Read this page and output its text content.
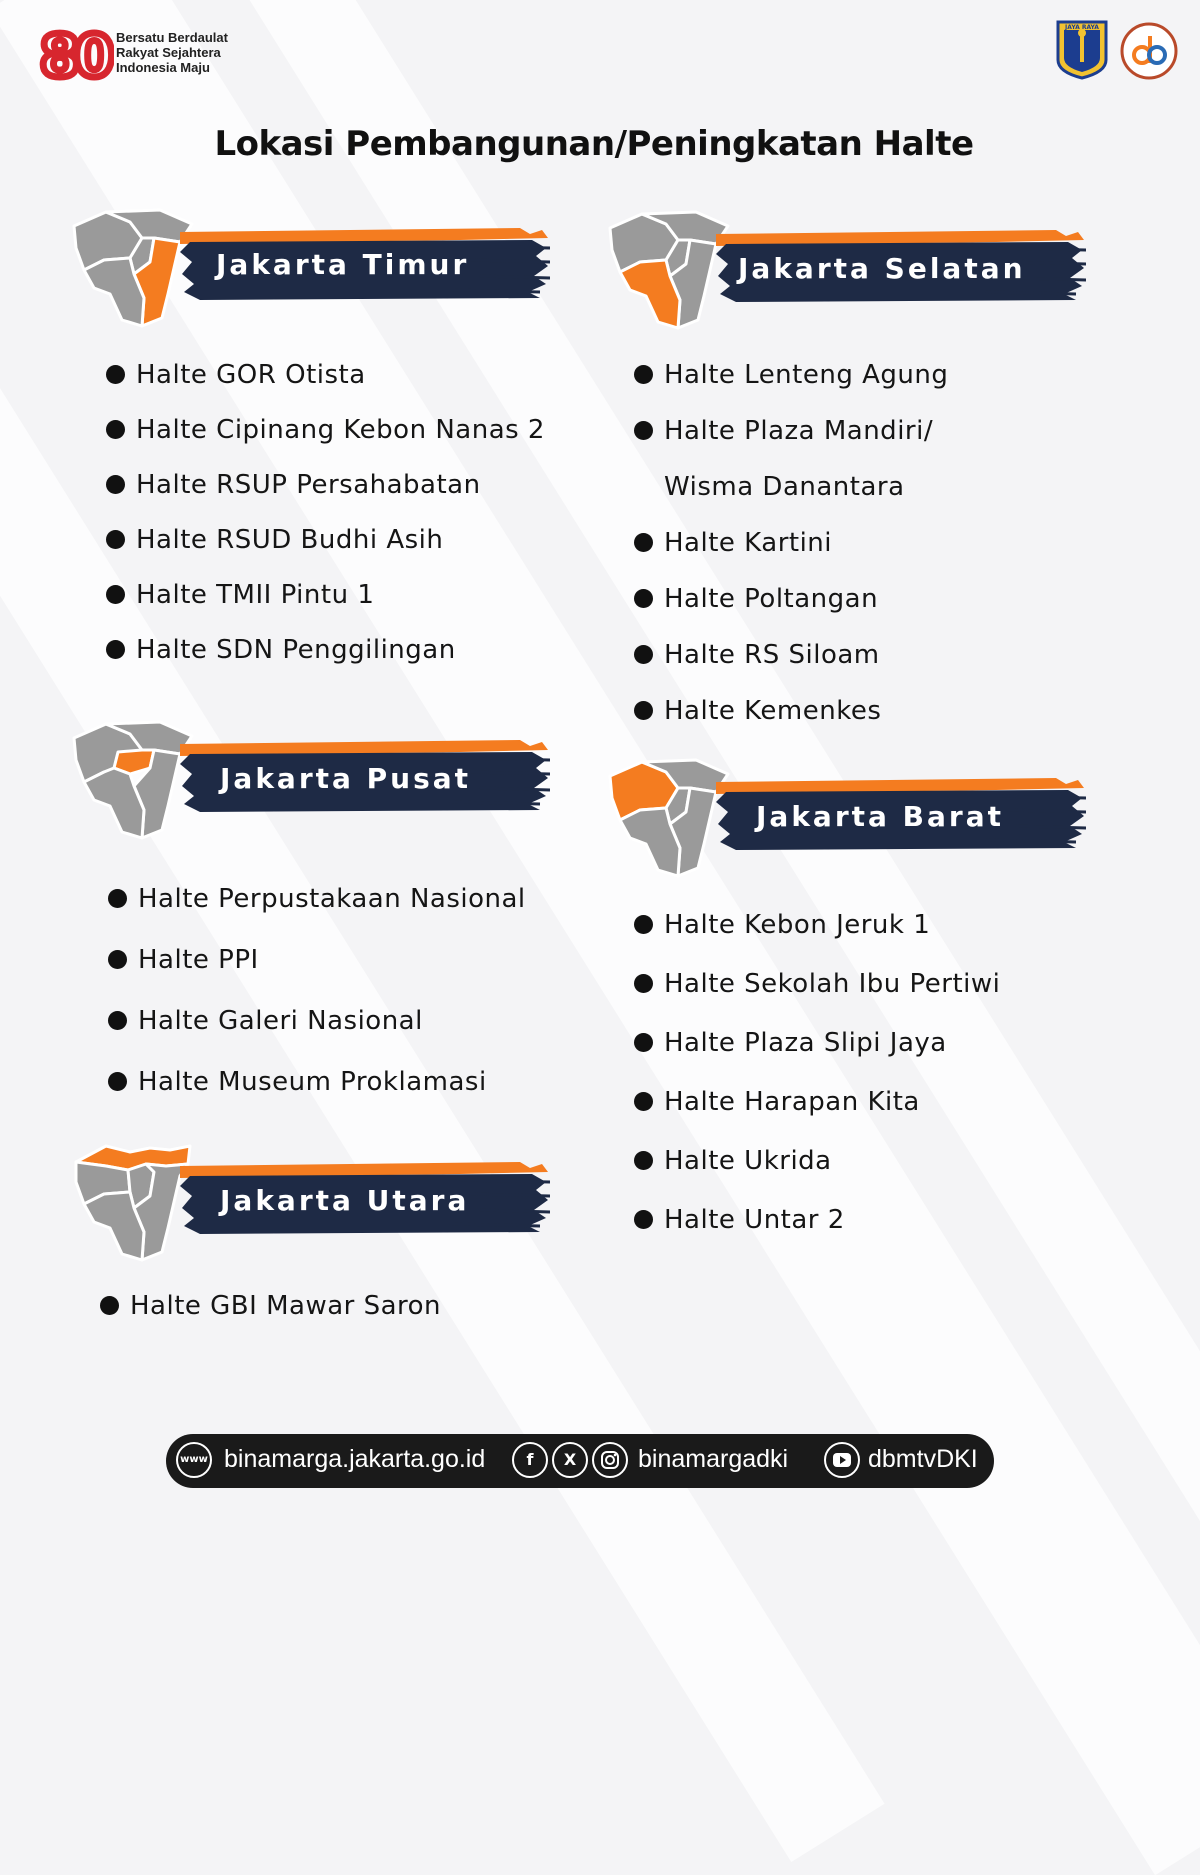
80 Bersatu Berdaulat
Rakyat Sejahtera
Indonesia Maju
JAYA RAYA
Lokasi Pembangunan/Peningkatan Halte
Jakarta Timur
Halte GOR Otista
Halte Cipinang Kebon Nanas 2
Halte RSUP Persahabatan
Halte RSUD Budhi Asih
Halte TMII Pintu 1
Halte SDN Penggilingan
Jakarta Selatan
Halte Lenteng Agung
Halte Plaza Mandiri/
Wisma Danantara
Halte Kartini
Halte Poltangan
Halte RS Siloam
Halte Kemenkes
Jakarta Pusat
Halte Perpustakaan Nasional
Halte PPI
Halte Galeri Nasional
Halte Museum Proklamasi
Jakarta Barat
Halte Kebon Jeruk 1
Halte Sekolah Ibu Pertiwi
Halte Plaza Slipi Jaya
Halte Harapan Kita
Halte Ukrida
Halte Untar 2
Jakarta Utara
Halte GBI Mawar Saron
www binamarga.jakarta.go.id	f	X	binamargadki	dbmtvDKI
